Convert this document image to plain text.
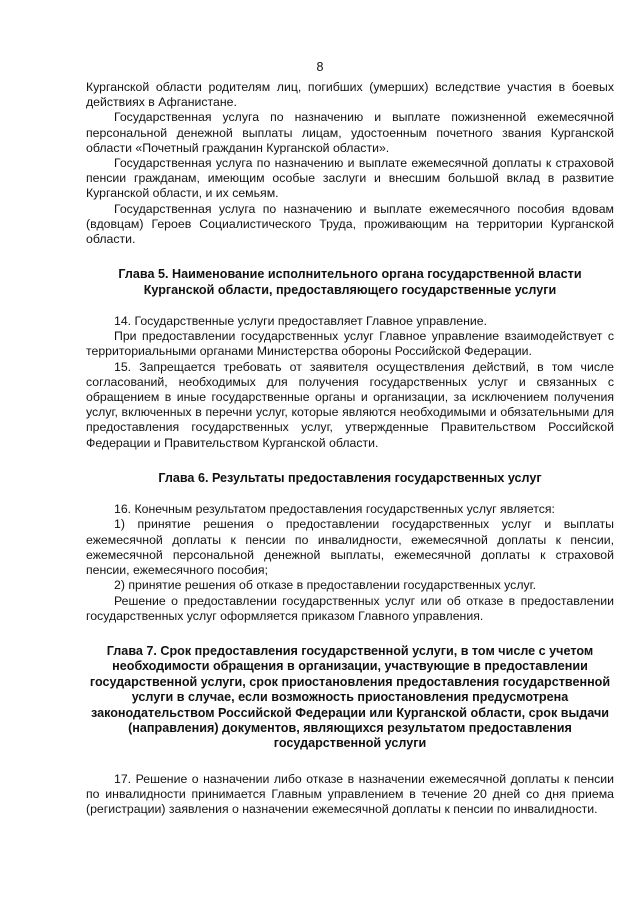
8

Курганской области родителям лиц, погибших (умерших) вследствие участия в боевых действиях в Афганистане.

Государственная услуга по назначению и выплате пожизненной ежемесячной персональной денежной выплаты лицам, удостоенным почетного звания Курганской области «Почетный гражданин Курганской области».

Государственная услуга по назначению и выплате ежемесячной доплаты к страховой пенсии гражданам, имеющим особые заслуги и внесшим большой вклад в развитие Курганской области, и их семьям.

Государственная услуга по назначению и выплате ежемесячного пособия вдовам (вдовцам) Героев Социалистического Труда, проживающим на территории Курганской области.

Глава 5. Наименование исполнительного органа государственной власти Курганской области, предоставляющего государственные услуги

14. Государственные услуги предоставляет Главное управление.

При предоставлении государственных услуг Главное управление взаимодействует с территориальными органами Министерства обороны Российской Федерации.

15. Запрещается требовать от заявителя осуществления действий, в том числе согласований, необходимых для получения государственных услуг и связанных с обращением в иные государственные органы и организации, за исключением получения услуг, включенных в перечни услуг, которые являются необходимыми и обязательными для предоставления государственных услуг, утвержденные Правительством Российской Федерации и Правительством Курганской области.

Глава 6. Результаты предоставления государственных услуг

16. Конечным результатом предоставления государственных услуг является:

1) принятие решения о предоставлении государственных услуг и выплаты ежемесячной доплаты к пенсии по инвалидности, ежемесячной доплаты к пенсии, ежемесячной персональной денежной выплаты, ежемесячной доплаты к страховой пенсии, ежемесячного пособия;

2) принятие решения об отказе в предоставлении государственных услуг.

Решение о предоставлении государственных услуг или об отказе в предоставлении государственных услуг оформляется приказом Главного управления.

Глава 7. Срок предоставления государственной услуги, в том числе с учетом необходимости обращения в организации, участвующие в предоставлении государственной услуги, срок приостановления предоставления государственной услуги в случае, если возможность приостановления предусмотрена законодательством Российской Федерации или Курганской области, срок выдачи (направления) документов, являющихся результатом предоставления государственной услуги

17. Решение о назначении либо отказе в назначении ежемесячной доплаты к пенсии по инвалидности принимается Главным управлением в течение 20 дней со дня приема (регистрации) заявления о назначении ежемесячной доплаты к пенсии по инвалидности.
